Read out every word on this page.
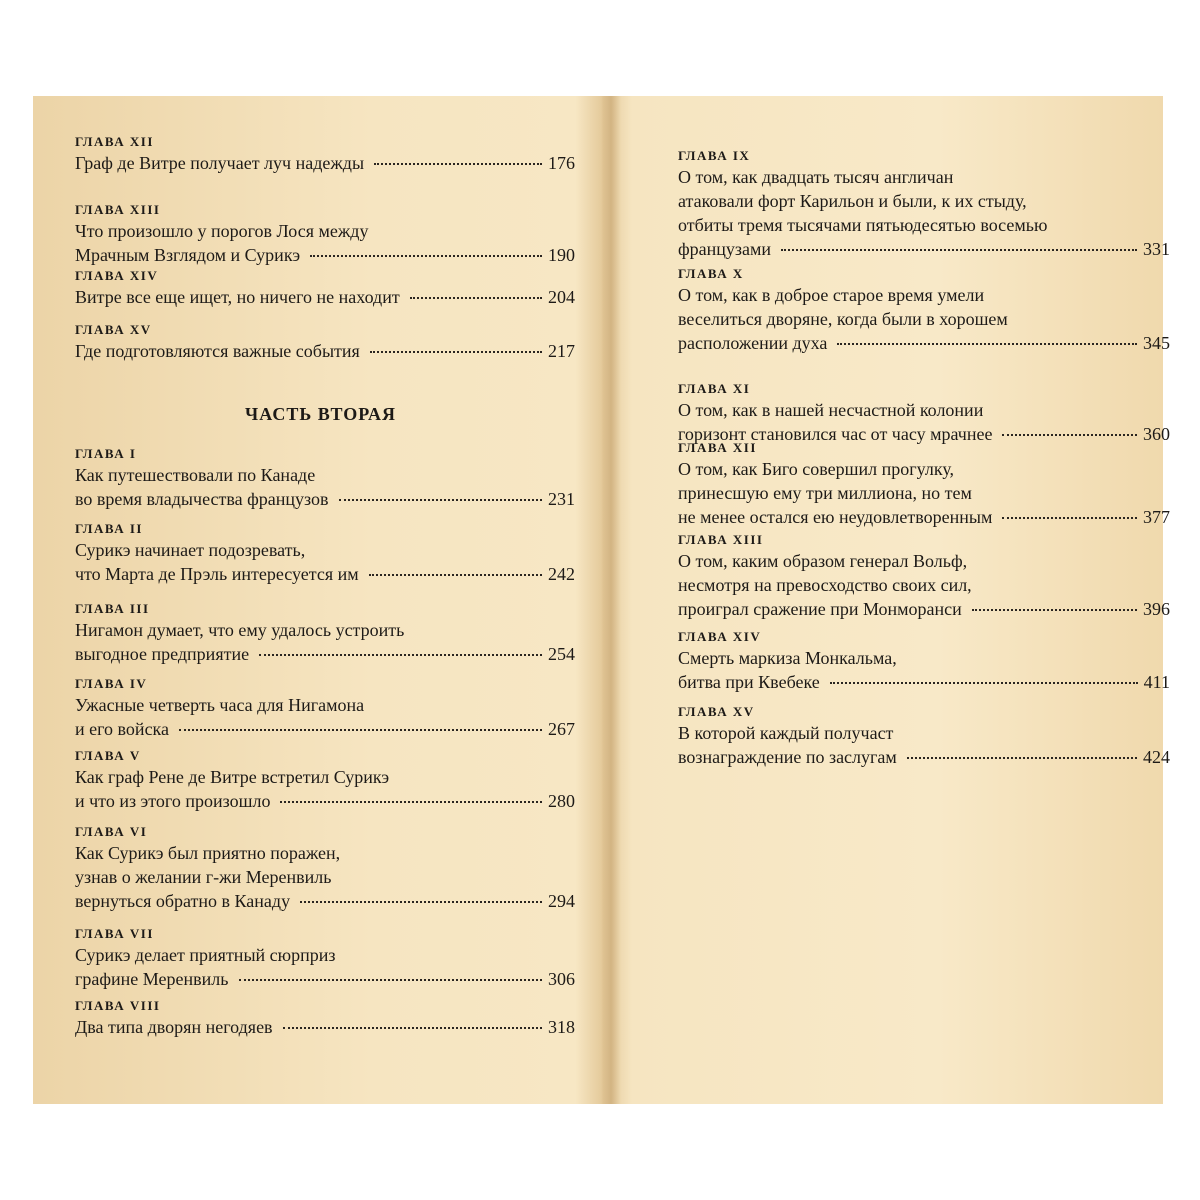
ГЛАВА XII
Граф де Витре получает луч надежды	176
ГЛАВА XIII
Что произошло у порогов Лося между
Мрачным Взглядом и Сурикэ	190
ГЛАВА XIV
Витре все еще ищет, но ничего не находит	204
ГЛАВА XV
Где подготовляются важные события	217
ЧАСТЬ ВТОРАЯ
ГЛАВА I
Как путешествовали по Канаде
во время владычества французов	231
ГЛАВА II
Сурикэ начинает подозревать,
что Марта де Прэль интересуется им	242
ГЛАВА III
Нигамон думает, что ему удалось устроить
выгодное предприятие	254
ГЛАВА IV
Ужасные четверть часа для Нигамона
и его войска	267
ГЛАВА V
Как граф Рене де Витре встретил Сурикэ
и что из этого произошло	280
ГЛАВА VI
Как Сурикэ был приятно поражен,
узнав о желании г-жи Меренвиль
вернуться обратно в Канаду	294
ГЛАВА VII
Сурикэ делает приятный сюрприз
графине Меренвиль	306
ГЛАВА VIII
Два типа дворян негодяев	318
ГЛАВА IX
О том, как двадцать тысяч англичан
атаковали форт Карильон и были, к их стыду,
отбиты тремя тысячами пятьюдесятью восемью
французами	331
ГЛАВА X
О том, как в доброе старое время умели
веселиться дворяне, когда были в хорошем
расположении духа	345
ГЛАВА XI
О том, как в нашей несчастной колонии
горизонт становился час от часу мрачнее	360
ГЛАВА XII
О том, как Биго совершил прогулку,
принесшую ему три миллиона, но тем
не менее остался ею неудовлетворенным	377
ГЛАВА XIII
О том, каким образом генерал Вольф,
несмотря на превосходство своих сил,
проиграл сражение при Монморанси	396
ГЛАВА XIV
Смерть маркиза Монкальма,
битва при Квебеке	411
ГЛАВА XV
В которой каждый получаст
вознаграждение по заслугам	424
